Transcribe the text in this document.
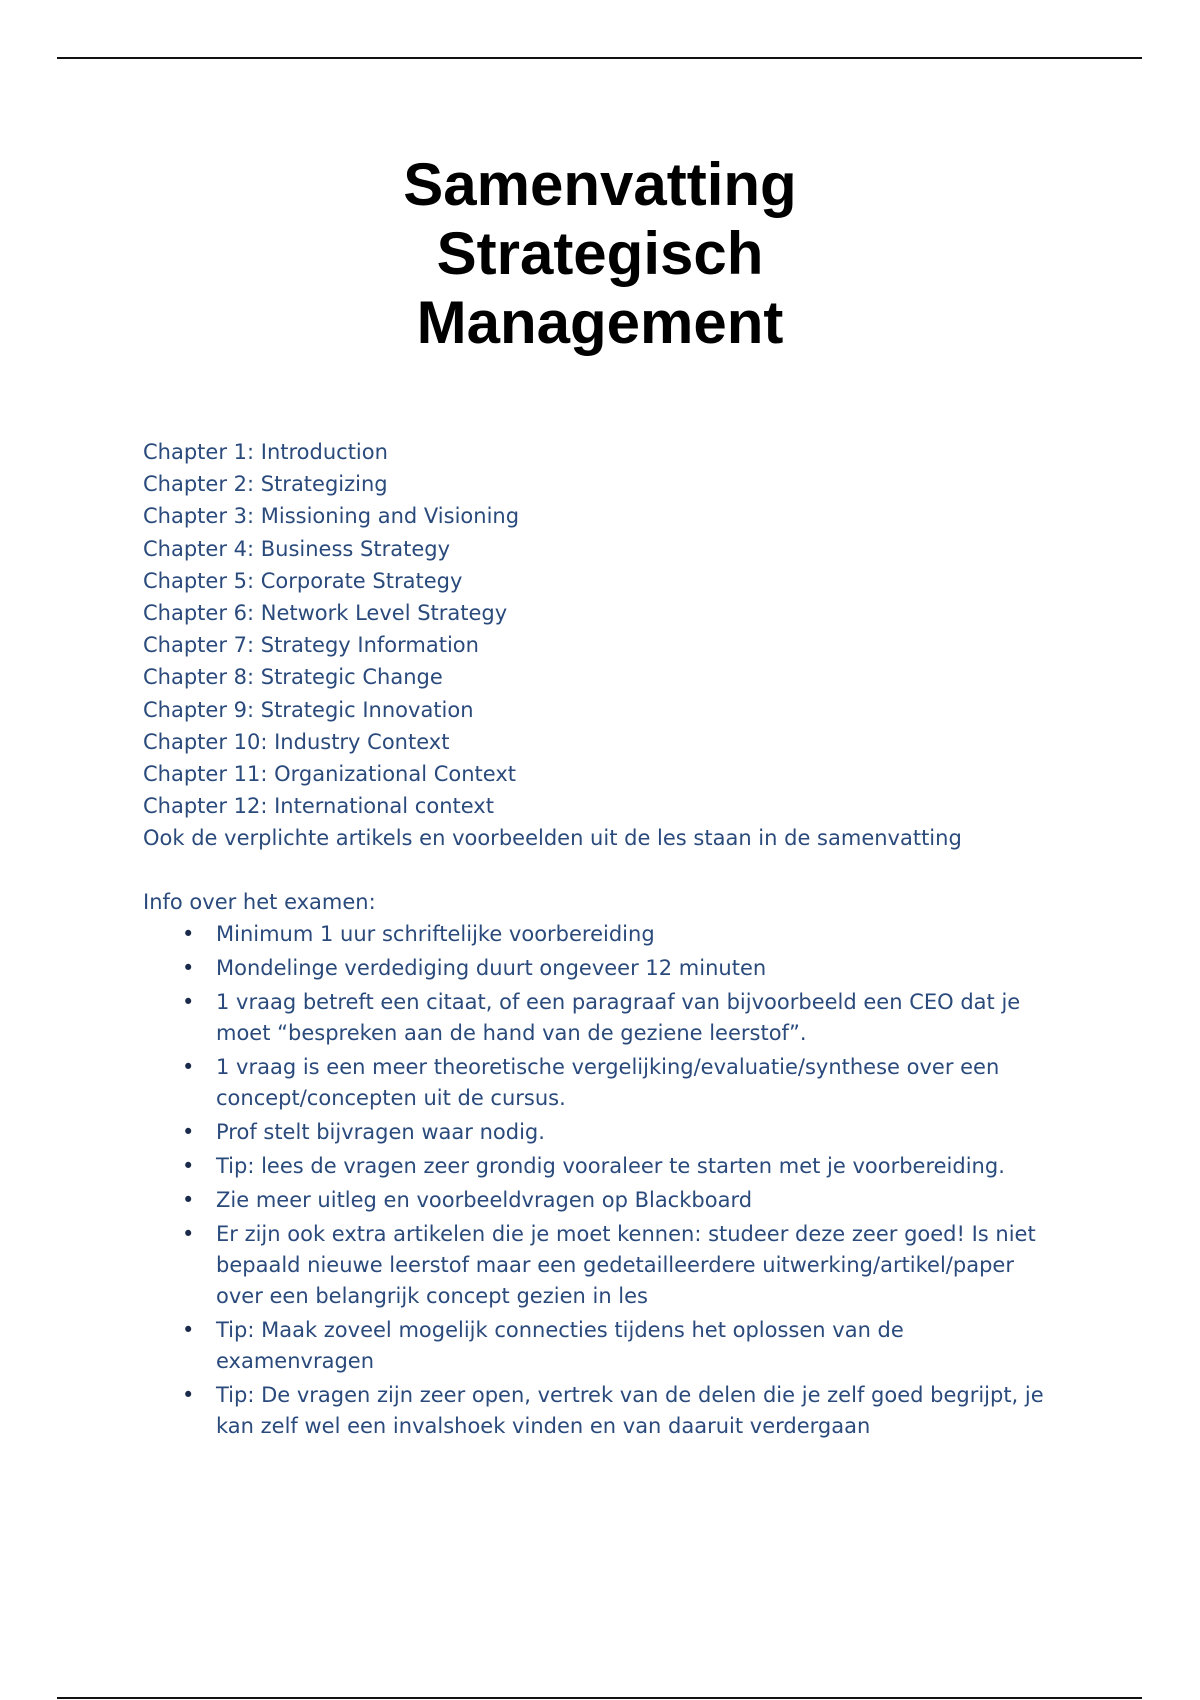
Samenvatting
Strategisch
Management
Chapter 1: Introduction
Chapter 2: Strategizing
Chapter 3: Missioning and Visioning
Chapter 4: Business Strategy
Chapter 5: Corporate Strategy
Chapter 6: Network Level Strategy
Chapter 7: Strategy Information
Chapter 8: Strategic Change
Chapter 9: Strategic Innovation
Chapter 10: Industry Context
Chapter 11: Organizational Context
Chapter 12: International context
Ook de verplichte artikels en voorbeelden uit de les staan in de samenvatting
Info over het examen:
•	Minimum 1 uur schriftelijke voorbereiding
•	Mondelinge verdediging duurt ongeveer 12 minuten
•	1 vraag betreft een citaat, of een paragraaf van bijvoorbeeld een CEO dat je moet “bespreken aan de hand van de geziene leerstof”.
•	1 vraag is een meer theoretische vergelijking/evaluatie/synthese over een concept/concepten uit de cursus.
•	Prof stelt bijvragen waar nodig.
•	Tip: lees de vragen zeer grondig vooraleer te starten met je voorbereiding.
•	Zie meer uitleg en voorbeeldvragen op Blackboard
•	Er zijn ook extra artikelen die je moet kennen: studeer deze zeer goed! Is niet bepaald nieuwe leerstof maar een gedetailleerdere uitwerking/artikel/paper over een belangrijk concept gezien in les
•	Tip: Maak zoveel mogelijk connecties tijdens het oplossen van de examenvragen
•	Tip: De vragen zijn zeer open, vertrek van de delen die je zelf goed begrijpt, je kan zelf wel een invalshoek vinden en van daaruit verdergaan
